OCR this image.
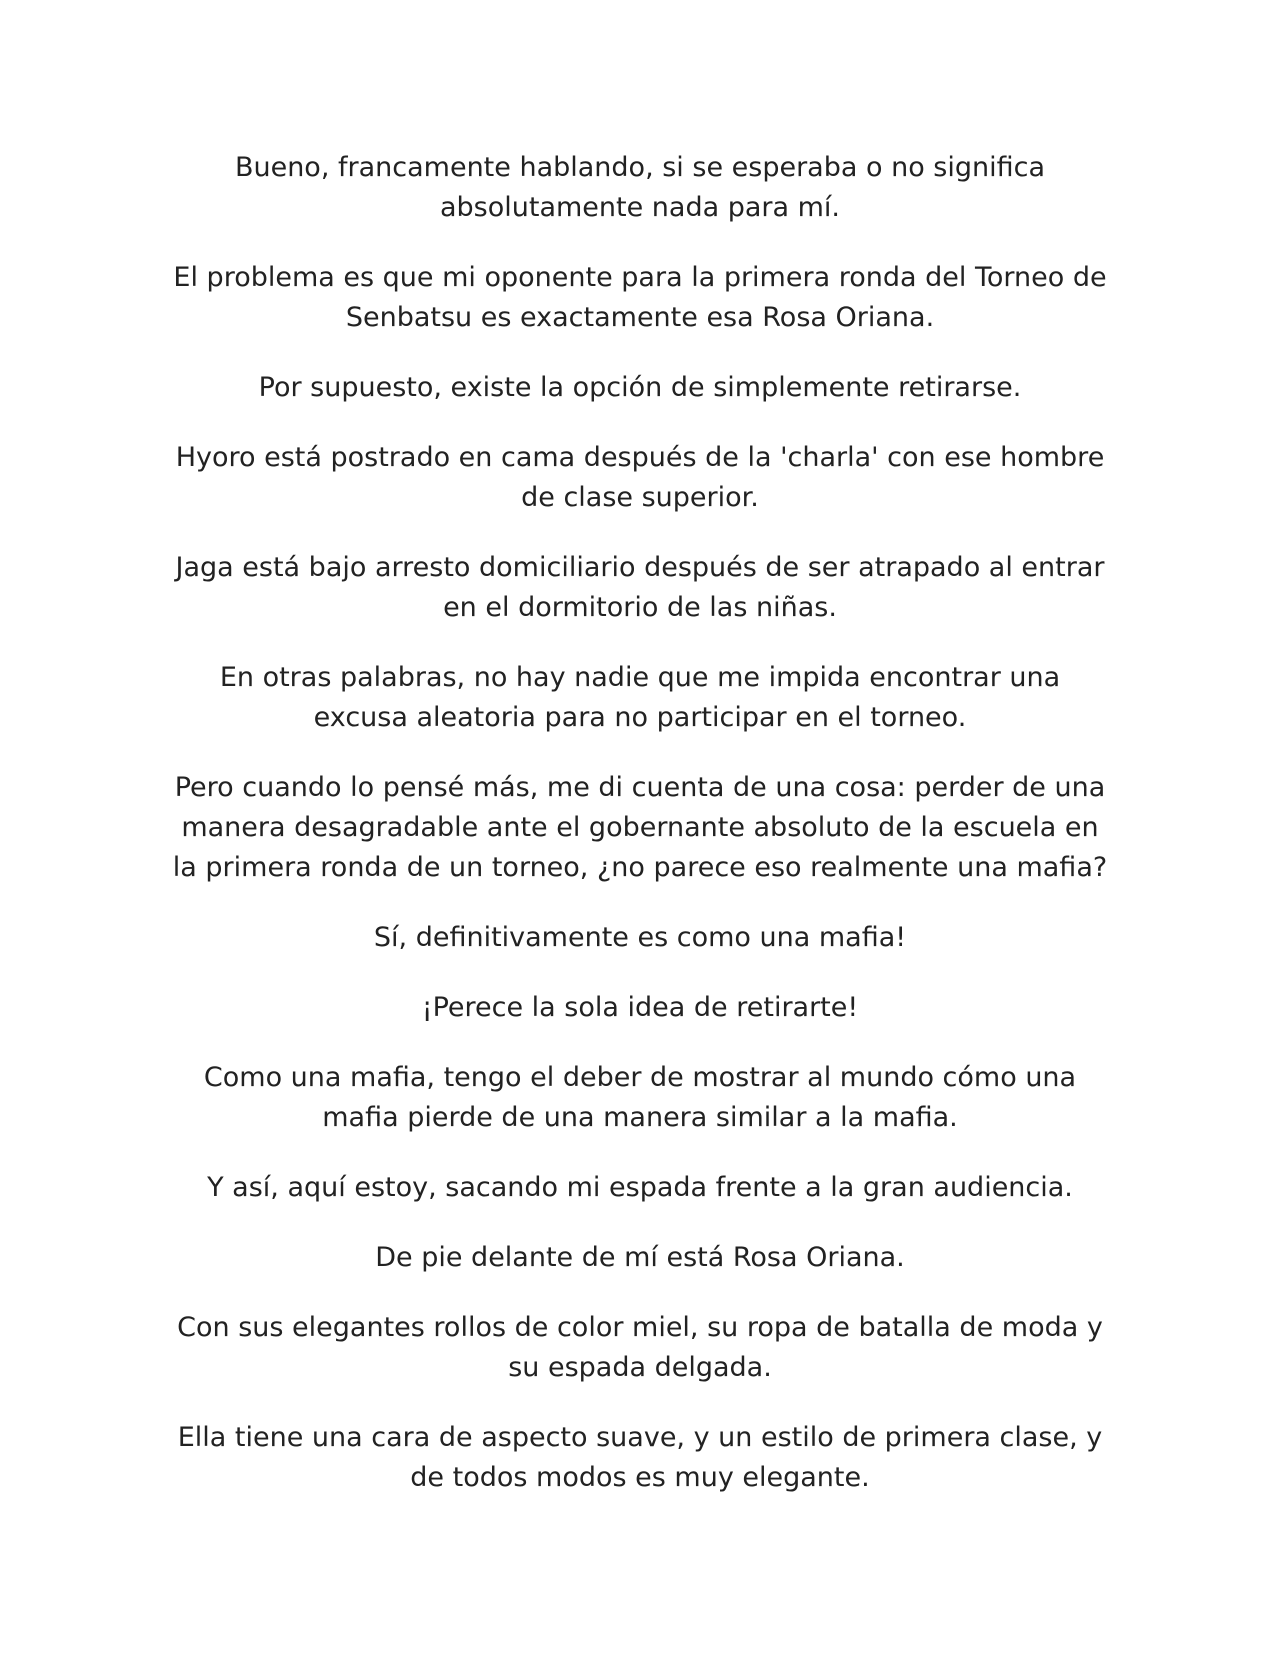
Bueno, francamente hablando, si se esperaba o no significa absolutamente nada para mí.

El problema es que mi oponente para la primera ronda del Torneo de Senbatsu es exactamente esa Rosa Oriana.

Por supuesto, existe la opción de simplemente retirarse.

Hyoro está postrado en cama después de la 'charla' con ese hombre de clase superior.

Jaga está bajo arresto domiciliario después de ser atrapado al entrar en el dormitorio de las niñas.

En otras palabras, no hay nadie que me impida encontrar una excusa aleatoria para no participar en el torneo.

Pero cuando lo pensé más, me di cuenta de una cosa: perder de una manera desagradable ante el gobernante absoluto de la escuela en la primera ronda de un torneo, ¿no parece eso realmente una mafia?

Sí, definitivamente es como una mafia!

¡Perece la sola idea de retirarte!

Como una mafia, tengo el deber de mostrar al mundo cómo una mafia pierde de una manera similar a la mafia.

Y así, aquí estoy, sacando mi espada frente a la gran audiencia.

De pie delante de mí está Rosa Oriana.

Con sus elegantes rollos de color miel, su ropa de batalla de moda y su espada delgada.

Ella tiene una cara de aspecto suave, y un estilo de primera clase, y de todos modos es muy elegante.
